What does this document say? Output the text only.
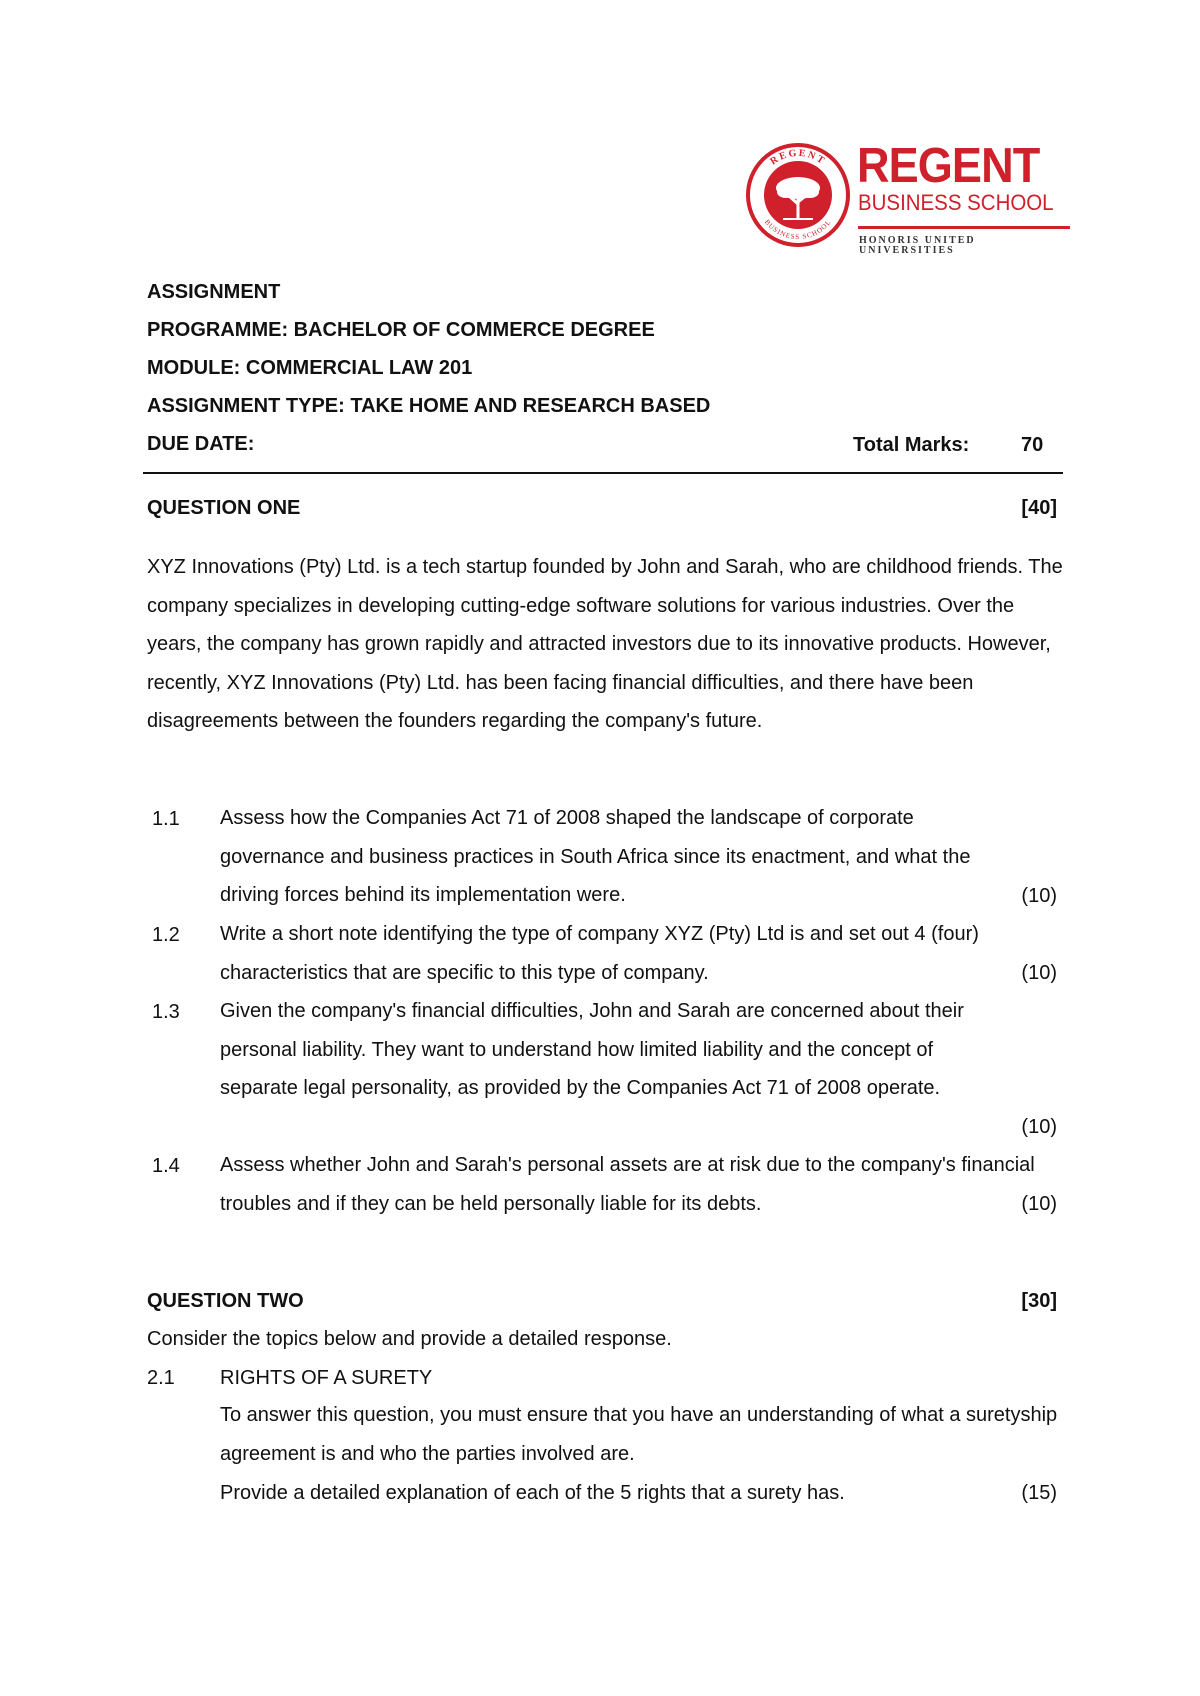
REGENT
BUSINESS SCHOOL
REGENT
BUSINESS SCHOOL
HONORIS UNITED UNIVERSITIES
ASSIGNMENT
PROGRAMME: BACHELOR OF COMMERCE DEGREE
MODULE: COMMERCIAL LAW 201
ASSIGNMENT TYPE: TAKE HOME AND RESEARCH BASED
DUE DATE:	Total Marks:	70
QUESTION ONE	[40]

XYZ Innovations (Pty) Ltd. is a tech startup founded by John and Sarah, who are childhood friends. The company specializes in developing cutting-edge software solutions for various industries. Over the years, the company has grown rapidly and attracted investors due to its innovative products. However, recently, XYZ Innovations (Pty) Ltd. has been facing financial difficulties, and there have been disagreements between the founders regarding the company's future.

1.1 Assess how the Companies Act 71 of 2008 shaped the landscape of corporate governance and business practices in South Africa since its enactment, and what the driving forces behind its implementation were.	(10)
1.2 Write a short note identifying the type of company XYZ (Pty) Ltd is and set out 4 (four) characteristics that are specific to this type of company.	(10)
1.3 Given the company's financial difficulties, John and Sarah are concerned about their personal liability. They want to understand how limited liability and the concept of separate legal personality, as provided by the Companies Act 71 of 2008 operate.

(10)
1.4 Assess whether John and Sarah's personal assets are at risk due to the company's financial troubles and if they can be held personally liable for its debts.	(10)
QUESTION TWO	[30]
Consider the topics below and provide a detailed response.
2.1 RIGHTS OF A SURETY

To answer this question, you must ensure that you have an understanding of what a suretyship agreement is and who the parties involved are.

Provide a detailed explanation of each of the 5 rights that a surety has.	(15)
